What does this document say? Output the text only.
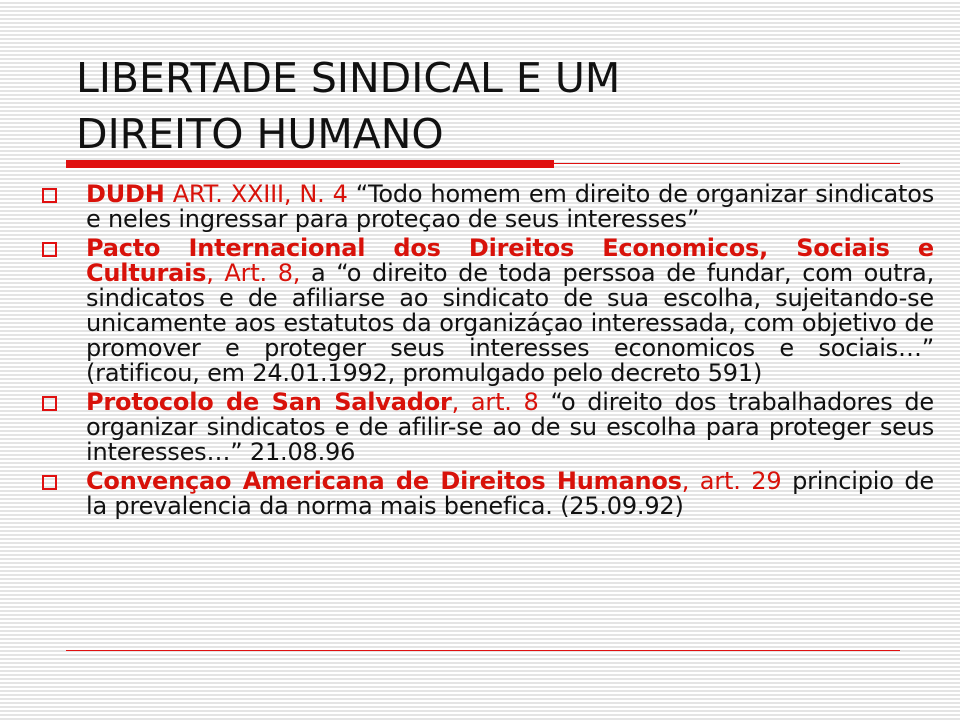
LIBERTADE SINDICAL E UM
DIREITO HUMANO
DUDH ART. XXIII, N. 4 “Todo homem em direito de organizar sindicatos e neles ingressar para proteçao de seus interesses”
Pacto Internacional dos Direitos Economicos, Sociais e Culturais, Art. 8, a “o direito de toda perssoa de fundar, com outra, sindicatos e de afiliarse ao sindicato de sua escolha, sujeitando-se unicamente aos estatutos da organizáçao interessada, com objetivo de promover e proteger seus interesses economicos e sociais…” (ratificou, em 24.01.1992, promulgado pelo decreto 591)
Protocolo de San Salvador, art. 8 “o direito dos trabalhadores de organizar sindicatos e de afilir-se ao de su escolha para proteger seus interesses…” 21.08.96
Convençao Americana de Direitos Humanos, art. 29 principio de la prevalencia da norma mais benefica. (25.09.92)
